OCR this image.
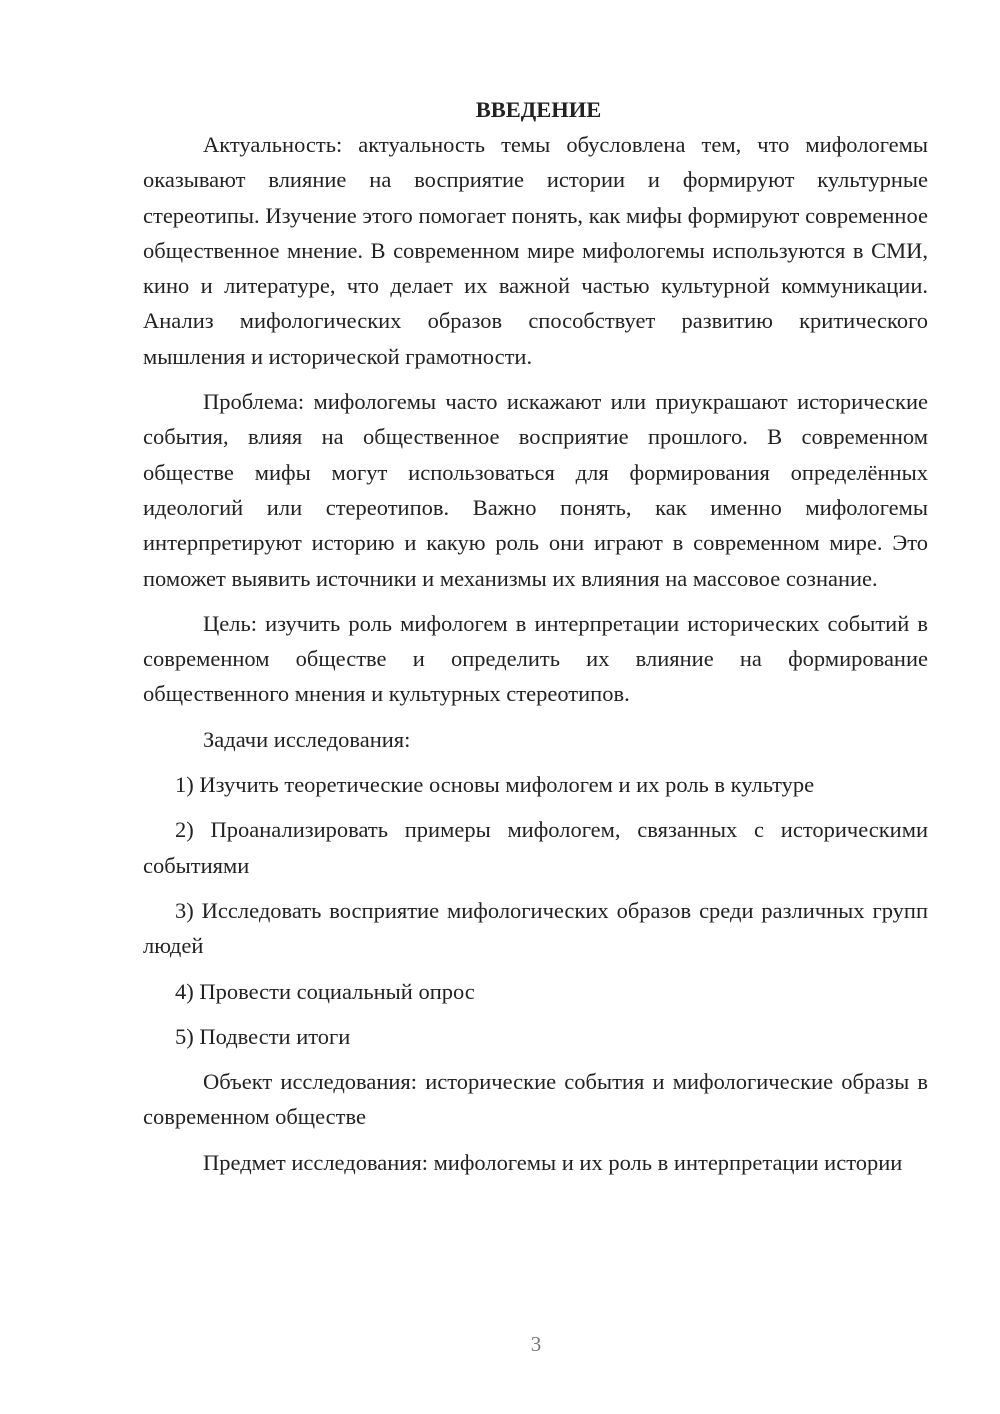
ВВЕДЕНИЕ

Актуальность: актуальность темы обусловлена тем, что мифологемы оказывают влияние на восприятие истории и формируют культурные стереотипы. Изучение этого помогает понять, как мифы формируют современное общественное мнение. В современном мире мифологемы используются в СМИ, кино и литературе, что делает их важной частью культурной коммуникации. Анализ мифологических образов способствует развитию критического мышления и исторической грамотности.

Проблема: мифологемы часто искажают или приукрашают исторические события, влияя на общественное восприятие прошлого. В современном обществе мифы могут использоваться для формирования определённых идеологий или стереотипов. Важно понять, как именно мифологемы интерпретируют историю и какую роль они играют в современном мире. Это поможет выявить источники и механизмы их влияния на массовое сознание.

Цель: изучить роль мифологем в интерпретации исторических событий в современном обществе и определить их влияние на формирование общественного мнения и культурных стереотипов.

Задачи исследования:

1) Изучить теоретические основы мифологем и их роль в культуре

2) Проанализировать примеры мифологем, связанных с историческими событиями

3) Исследовать восприятие мифологических образов среди различных групп людей

4) Провести социальный опрос

5) Подвести итоги

Объект исследования: исторические события и мифологические образы в современном обществе

Предмет исследования: мифологемы и их роль в интерпретации истории

3
